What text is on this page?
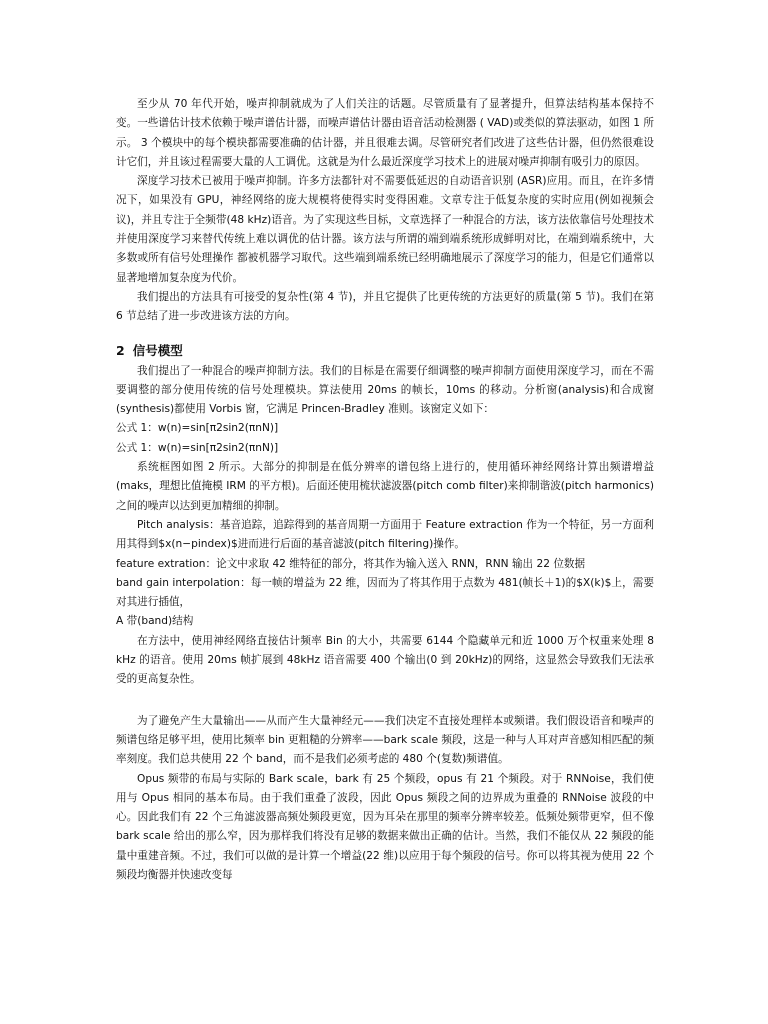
至少从 70 年代开始，噪声抑制就成为了人们关注的话题。尽管质量有了显著提升，但算法结构基本保持不变。一些谱估计技术依赖于噪声谱估计器，而噪声谱估计器由语音活动检测器 ( VAD)或类似的算法驱动，如图 1 所示。 3 个模块中的每个模块都需要准确的估计器，并且很难去调。尽管研究者们改进了这些估计器，但仍然很难设计它们，并且该过程需要大量的人工调优。这就是为什么最近深度学习技术上的进展对噪声抑制有吸引力的原因。

深度学习技术已被用于噪声抑制。许多方法都针对不需要低延迟的自动语音识别 (ASR)应用。而且，在许多情况下，如果没有 GPU，神经网络的庞大规模将使得实时变得困难。文章专注于低复杂度的实时应用(例如视频会议)，并且专注于全频带(48 kHz)语音。为了实现这些目标，文章选择了一种混合的方法，该方法依靠信号处理技术并使用深度学习来替代传统上难以调优的估计器。该方法与所谓的端到端系统形成鲜明对比，在端到端系统中，大多数或所有信号处理操作 都被机器学习取代。这些端到端系统已经明确地展示了深度学习的能力，但是它们通常以显著地增加复杂度为代价。

我们提出的方法具有可接受的复杂性(第 4 节)，并且它提供了比更传统的方法更好的质量(第 5 节)。我们在第 6 节总结了进一步改进该方法的方向。

2 信号模型

我们提出了一种混合的噪声抑制方法。我们的目标是在需要仔细调整的噪声抑制方面使用深度学习，而在不需要调整的部分使用传统的信号处理模块。算法使用 20ms 的帧长，10ms 的移动。分析窗(analysis)和合成窗(synthesis)都使用 Vorbis 窗，它满足 Princen-Bradley 准则。该窗定义如下：

公式 1：w(n)=sin[π2sin2(πnN)]

公式 1：w(n)=sin[π2sin2(πnN)]

系统框图如图 2 所示。大部分的抑制是在低分辨率的谱包络上进行的，使用循环神经网络计算出频谱增益(maks，理想比值掩模 IRM 的平方根)。后面还使用梳状滤波器(pitch comb filter)来抑制谐波(pitch harmonics)之间的噪声以达到更加精细的抑制。

Pitch analysis：基音追踪，追踪得到的基音周期一方面用于 Feature extraction 作为一个特征，另一方面利用其得到$x(n−pindex)$进而进行后面的基音滤波(pitch filtering)操作。

feature extration：论文中求取 42 维特征的部分，将其作为输入送入 RNN，RNN 输出 22 位数据

band gain interpolation：每一帧的增益为 22 维，因而为了将其作用于点数为 481(帧长＋1)的$X(k)$上，需要对其进行插值，

A 带(band)结构

在方法中，使用神经网络直接估计频率 Bin 的大小，共需要 6144 个隐藏单元和近 1000 万个权重来处理 8 kHz 的语音。使用 20ms 帧扩展到 48kHz 语音需要 400 个输出(0 到 20kHz)的网络，这显然会导致我们无法承受的更高复杂性。

为了避免产生大量输出——从而产生大量神经元——我们决定不直接处理样本或频谱。我们假设语音和噪声的频谱包络足够平坦，使用比频率 bin 更粗糙的分辨率——bark scale 频段，这是一种与人耳对声音感知相匹配的频率刻度。我们总共使用 22 个 band，而不是我们必须考虑的 480 个(复数)频谱值。

Opus 频带的布局与实际的 Bark scale，bark 有 25 个频段，opus 有 21 个频段。对于 RNNoise，我们使用与 Opus 相同的基本布局。由于我们重叠了波段，因此 Opus 频段之间的边界成为重叠的 RNNoise 波段的中心。因此我们有 22 个三角滤波器高频处频段更宽，因为耳朵在那里的频率分辨率较差。低频处频带更窄，但不像 bark scale 给出的那么窄，因为那样我们将没有足够的数据来做出正确的估计。当然，我们不能仅从 22 频段的能量中重建音频。不过，我们可以做的是计算一个增益(22 维)以应用于每个频段的信号。你可以将其视为使用 22 个频段均衡器并快速改变每
